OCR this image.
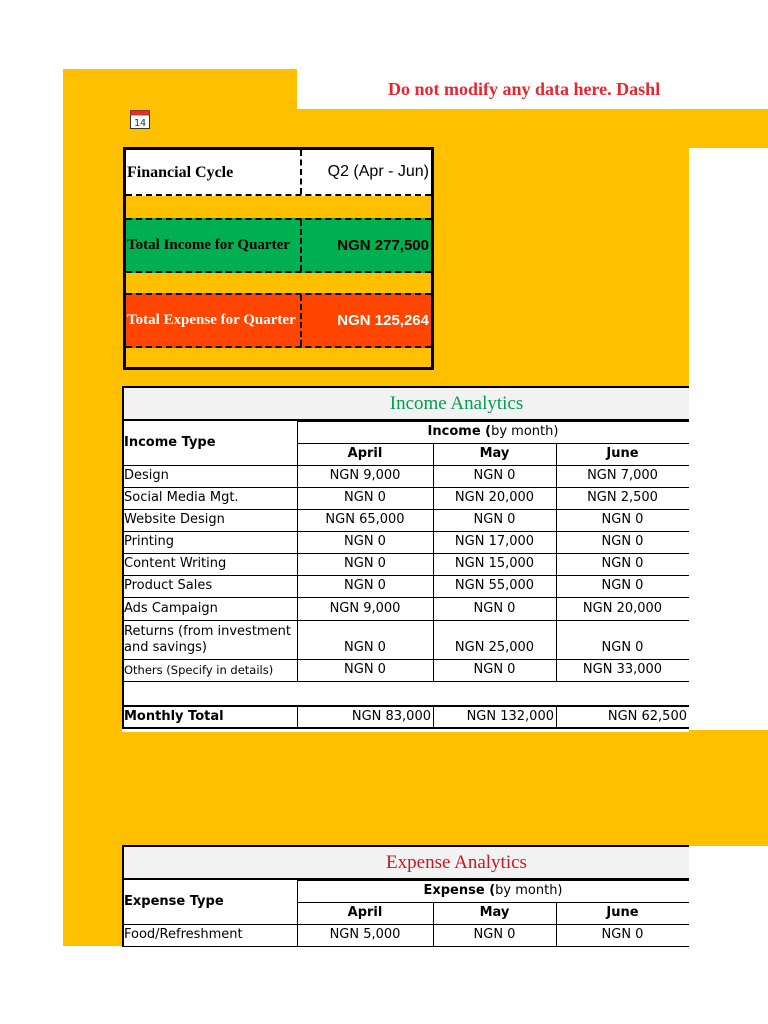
Do not modify any data here. Dashl
14
Financial Cycle	Q2 (Apr - Jun)
Total Income for Quarter	NGN 277,500
Total Expense for Quarter	NGN 125,264
Income Analytics
Income Type
Income (by month)
April	May	June
Design	NGN 9,000	NGN 0	NGN 7,000
Social Media Mgt.	NGN 0	NGN 20,000	NGN 2,500
Website Design	NGN 65,000	NGN 0	NGN 0
Printing	NGN 0	NGN 17,000	NGN 0
Content Writing	NGN 0	NGN 15,000	NGN 0
Product Sales	NGN 0	NGN 55,000	NGN 0
Ads Campaign	NGN 9,000	NGN 0	NGN 20,000
Returns (from investment
and savings)	NGN 0	NGN 25,000	NGN 0
Others (Specify in details)	NGN 0	NGN 0	NGN 33,000
Monthly Total	NGN 83,000	NGN 132,000	NGN 62,500
Expense Analytics
Expense Type
Expense (by month)
April	May	June
Food/Refreshment	NGN 5,000	NGN 0	NGN 0
